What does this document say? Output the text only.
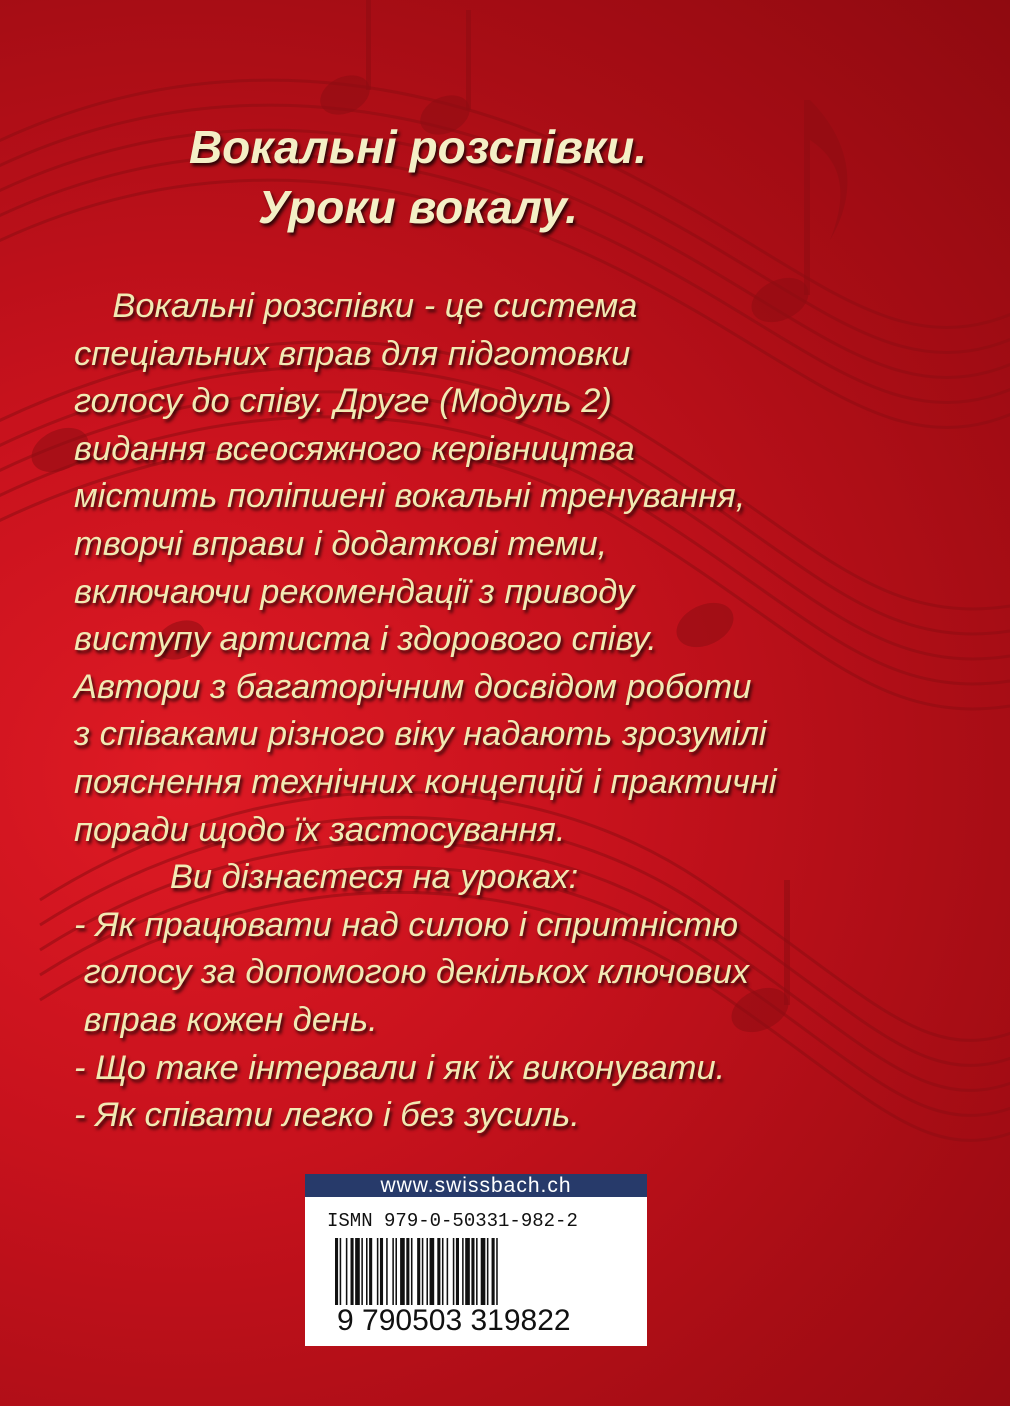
Вокальні розспівки.
Уроки вокалу.
Вокальні розспівки - це система
спеціальних вправ для підготовки
голосу до співу. Друге (Модуль 2)
видання всеосяжного керівництва
містить поліпшені вокальні тренування,
творчі вправи і додаткові теми,
включаючи рекомендації з приводу
виступу артиста і здорового співу.
Автори з багаторічним досвідом роботи
з співаками різного віку надають зрозумілі
пояснення технічних концепцій і практичні
поради щодо їх застосування.
Ви дізнаєтеся на уроках:
- Як працювати над силою і спритністю
голосу за допомогою декількох ключових
вправ кожен день.
- Що таке інтервали і як їх виконувати.
- Як співати легко і без зусиль.
www.swissbach.ch
ISMN 979-0-50331-982-2
9 790503 319822
